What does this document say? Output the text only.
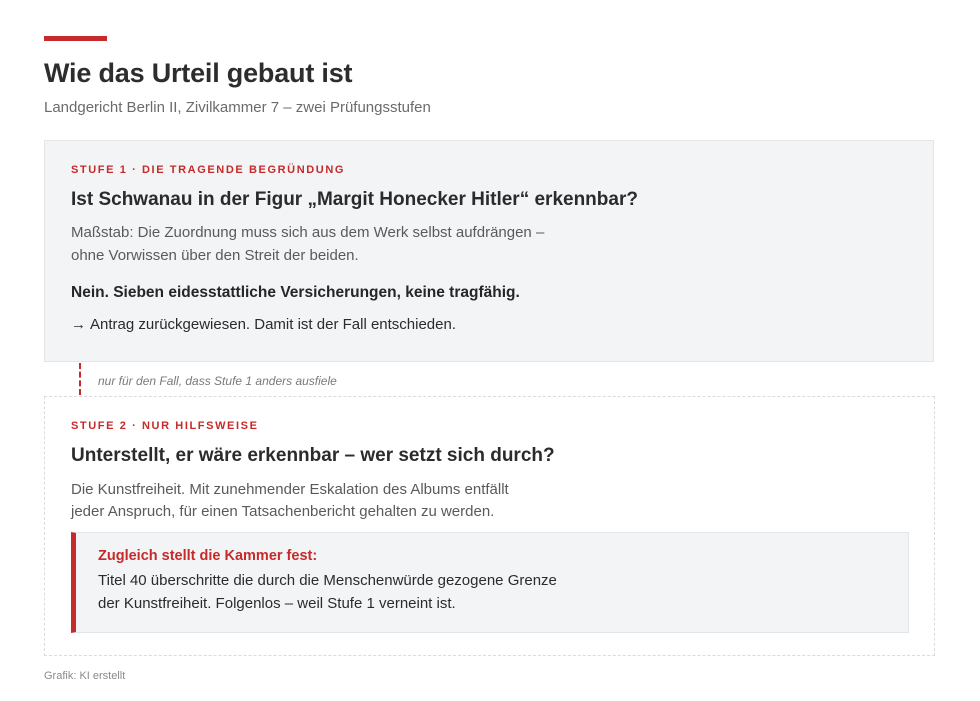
Wie das Urteil gebaut ist
Landgericht Berlin II, Zivilkammer 7 – zwei Prüfungsstufen
STUFE 1 · DIE TRAGENDE BEGRÜNDUNG
Ist Schwanau in der Figur „Margit Honecker Hitler“ erkennbar?
Maßstab: Die Zuordnung muss sich aus dem Werk selbst aufdrängen –
ohne Vorwissen über den Streit der beiden.
Nein. Sieben eidesstattliche Versicherungen, keine tragfähig.
→ Antrag zurückgewiesen. Damit ist der Fall entschieden.
nur für den Fall, dass Stufe 1 anders ausfiele
STUFE 2 · NUR HILFSWEISE
Unterstellt, er wäre erkennbar – wer setzt sich durch?
Die Kunstfreiheit. Mit zunehmender Eskalation des Albums entfällt
jeder Anspruch, für einen Tatsachenbericht gehalten zu werden.
Zugleich stellt die Kammer fest:
Titel 40 überschritte die durch die Menschenwürde gezogene Grenze
der Kunstfreiheit. Folgenlos – weil Stufe 1 verneint ist.
Grafik: KI erstellt
